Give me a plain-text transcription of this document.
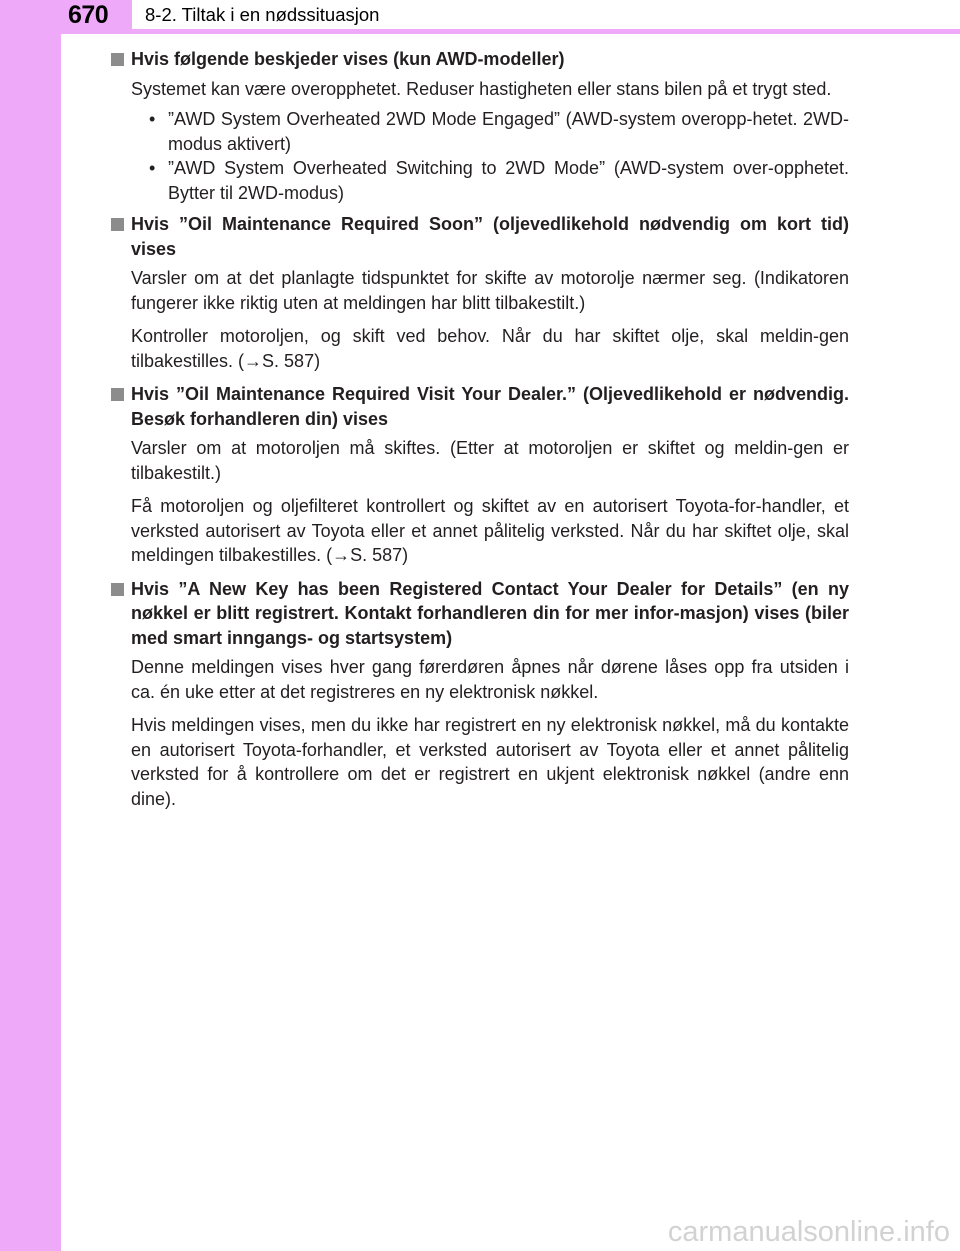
670 8-2. Tiltak i en nødssituasjon
Hvis følgende beskjeder vises (kun AWD-modeller)

Systemet kan være overopphetet. Reduser hastigheten eller stans bilen på et trygt sted.

• ”AWD System Overheated 2WD Mode Engaged” (AWD-system overopp-hetet. 2WD-modus aktivert)
• ”AWD System Overheated Switching to 2WD Mode” (AWD-system over-opphetet. Bytter til 2WD-modus)
Hvis ”Oil Maintenance Required Soon” (oljevedlikehold nødvendig om kort tid) vises

Varsler om at det planlagte tidspunktet for skifte av motorolje nærmer seg. (Indikatoren fungerer ikke riktig uten at meldingen har blitt tilbakestilt.)

Kontroller motoroljen, og skift ved behov. Når du har skiftet olje, skal meldin-gen tilbakestilles. (→S. 587)

Hvis ”Oil Maintenance Required Visit Your Dealer.” (Oljevedlikehold er nødvendig. Besøk forhandleren din) vises

Varsler om at motoroljen må skiftes. (Etter at motoroljen er skiftet og meldin-gen er tilbakestilt.)

Få motoroljen og oljefilteret kontrollert og skiftet av en autorisert Toyota-for-handler, et verksted autorisert av Toyota eller et annet pålitelig verksted. Når du har skiftet olje, skal meldingen tilbakestilles. (→S. 587)

Hvis ”A New Key has been Registered Contact Your Dealer for Details” (en ny nøkkel er blitt registrert. Kontakt forhandleren din for mer infor-masjon) vises (biler med smart inngangs- og startsystem)

Denne meldingen vises hver gang førerdøren åpnes når dørene låses opp fra utsiden i ca. én uke etter at det registreres en ny elektronisk nøkkel.

Hvis meldingen vises, men du ikke har registrert en ny elektronisk nøkkel, må du kontakte en autorisert Toyota-forhandler, et verksted autorisert av Toyota eller et annet pålitelig verksted for å kontrollere om det er registrert en ukjent elektronisk nøkkel (andre enn dine).

carmanualsonline.info
